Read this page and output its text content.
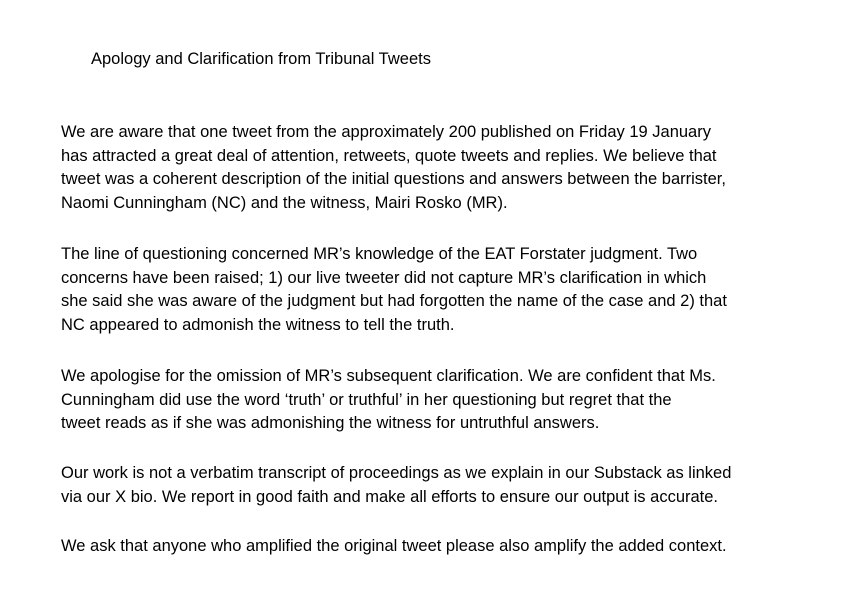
Apology and Clarification from Tribunal Tweets
We are aware that one tweet from the approximately 200 published on Friday 19 January
has attracted a great deal of attention, retweets, quote tweets and replies. We believe that
tweet was a coherent description of the initial questions and answers between the barrister,
Naomi Cunningham (NC) and the witness, Mairi Rosko (MR).
The line of questioning concerned MR’s knowledge of the EAT Forstater judgment. Two
concerns have been raised; 1) our live tweeter did not capture MR’s clarification in which
she said she was aware of the judgment but had forgotten the name of the case and 2) that
NC appeared to admonish the witness to tell the truth.
We apologise for the omission of MR’s subsequent clarification. We are confident that Ms.
Cunningham did use the word ‘truth’ or truthful’ in her questioning but regret that the
tweet reads as if she was admonishing the witness for untruthful answers.
Our work is not a verbatim transcript of proceedings as we explain in our Substack as linked
via our X bio. We report in good faith and make all efforts to ensure our output is accurate.
We ask that anyone who amplified the original tweet please also amplify the added context.
